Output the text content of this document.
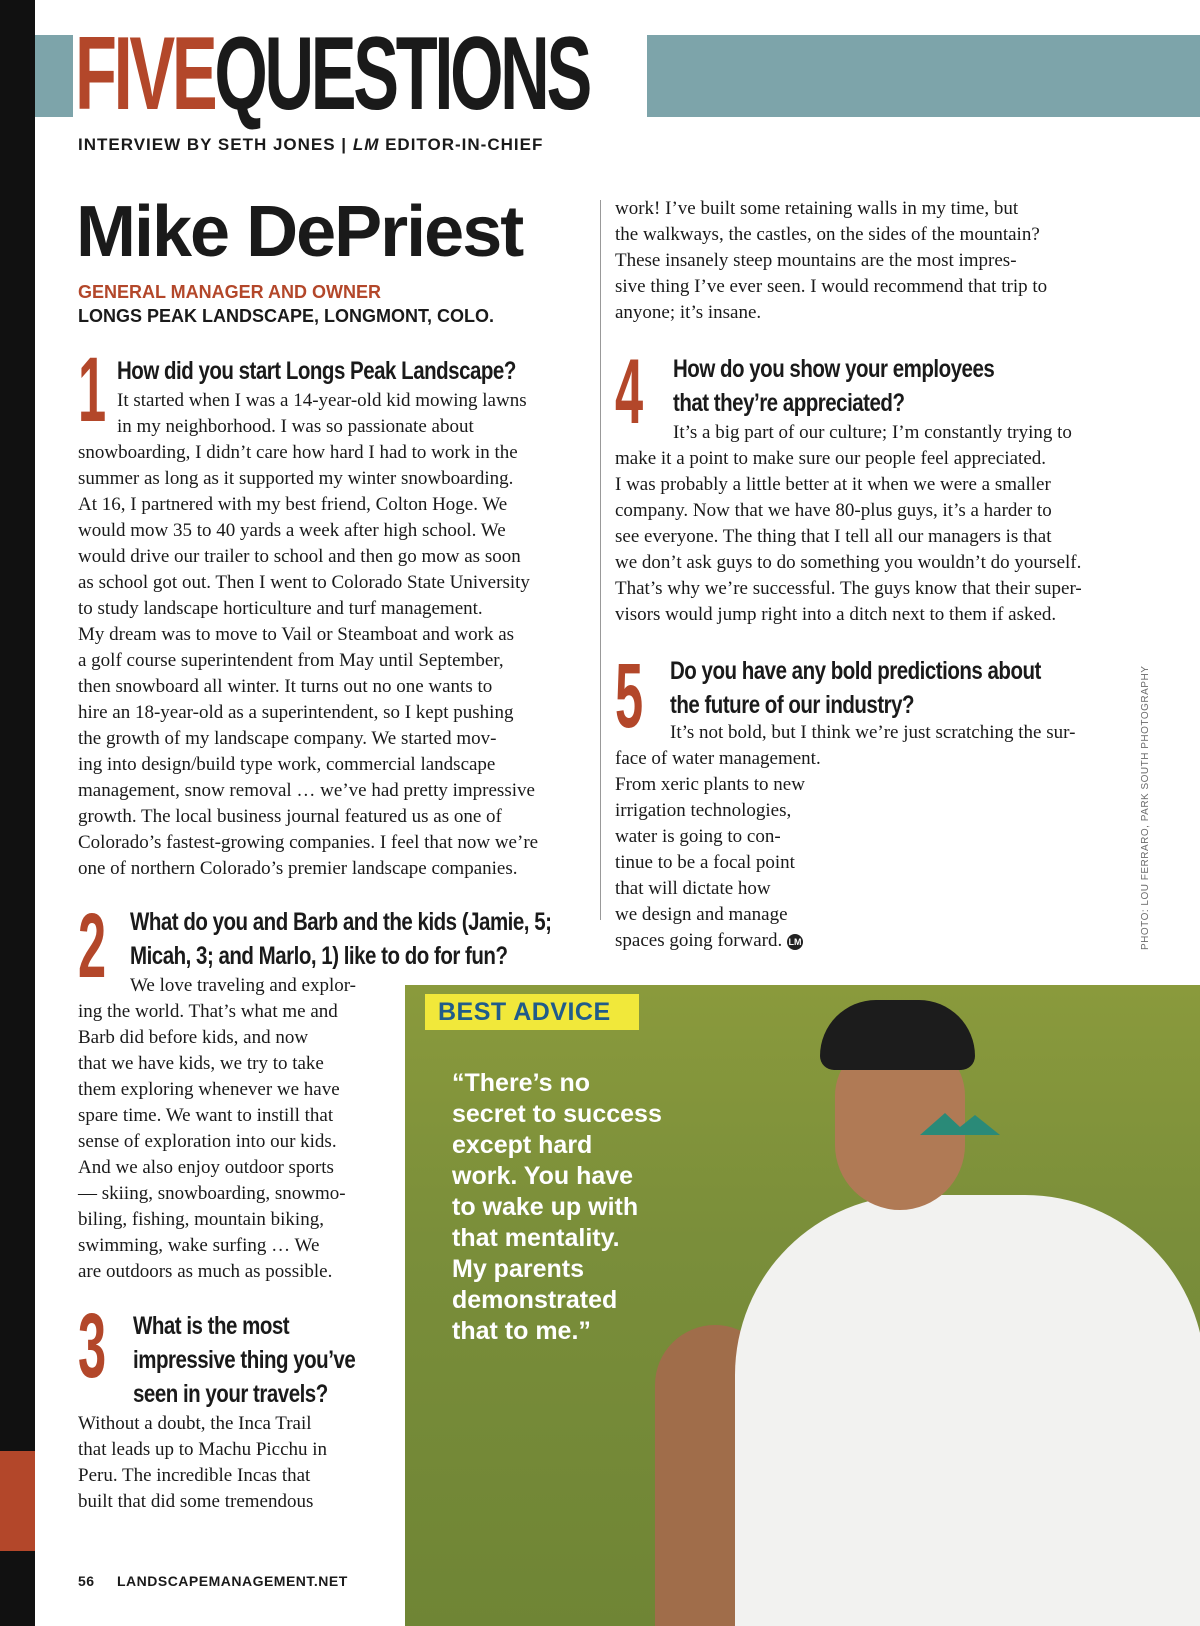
FIVEQUESTIONS
INTERVIEW BY SETH JONES | LM EDITOR-IN-CHIEF
Mike DePriest
GENERAL MANAGER AND OWNER
LONGS PEAK LANDSCAPE, LONGMONT, COLO.
1 How did you start Longs Peak Landscape?
It started when I was a 14-year-old kid mowing lawns
in my neighborhood. I was so passionate about
snowboarding, I didn’t care how hard I had to work in the
summer as long as it supported my winter snowboarding.
At 16, I partnered with my best friend, Colton Hoge. We
would mow 35 to 40 yards a week after high school. We
would drive our trailer to school and then go mow as soon
as school got out. Then I went to Colorado State University
to study landscape horticulture and turf management.
My dream was to move to Vail or Steamboat and work as
a golf course superintendent from May until September,
then snowboard all winter. It turns out no one wants to
hire an 18-year-old as a superintendent, so I kept pushing
the growth of my landscape company. We started mov-
ing into design/build type work, commercial landscape
management, snow removal … we’ve had pretty impressive
growth. The local business journal featured us as one of
Colorado’s fastest-growing companies. I feel that now we’re
one of northern Colorado’s premier landscape companies.
2 What do you and Barb and the kids (Jamie, 5;
Micah, 3; and Marlo, 1) like to do for fun?
We love traveling and explor-
ing the world. That’s what me and
Barb did before kids, and now
that we have kids, we try to take
them exploring whenever we have
spare time. We want to instill that
sense of exploration into our kids.
And we also enjoy outdoor sports
— skiing, snowboarding, snowmo-
biling, fishing, mountain biking,
swimming, wake surfing … We
are outdoors as much as possible.
3 What is the most
impressive thing you’ve
seen in your travels?
Without a doubt, the Inca Trail
that leads up to Machu Picchu in
Peru. The incredible Incas that
built that did some tremendous
work! I’ve built some retaining walls in my time, but
the walkways, the castles, on the sides of the mountain?
These insanely steep mountains are the most impres-
sive thing I’ve ever seen. I would recommend that trip to
anyone; it’s insane.
4 How do you show your employees
that they’re appreciated?
It’s a big part of our culture; I’m constantly trying to
make it a point to make sure our people feel appreciated.
I was probably a little better at it when we were a smaller
company. Now that we have 80-plus guys, it’s a harder to
see everyone. The thing that I tell all our managers is that
we don’t ask guys to do something you wouldn’t do yourself.
That’s why we’re successful. The guys know that their super-
visors would jump right into a ditch next to them if asked.
5 Do you have any bold predictions about
the future of our industry?
It’s not bold, but I think we’re just scratching the sur-
face of water management.
From xeric plants to new
irrigation technologies,
water is going to con-
tinue to be a focal point
that will dictate how
we design and manage
spaces going forward. LM
BEST ADVICE
“There’s no
secret to success
except hard
work. You have
to wake up with
that mentality.
My parents
demonstrated
that to me.”
PHOTO: LOU FERRARO, PARK SOUTH PHOTOGRAPHY
56 LANDSCAPEMANAGEMENT.NET
